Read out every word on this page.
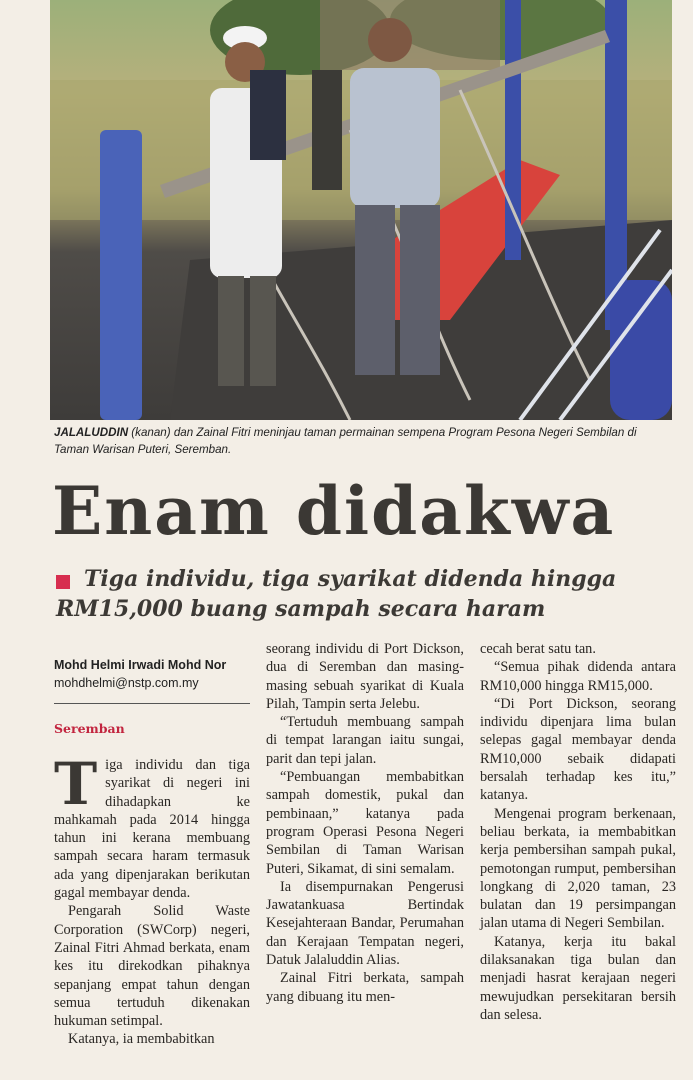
JALALUDDIN (kanan) dan Zainal Fitri meninjau taman permainan sempena Program Pesona Negeri Sembilan di Taman Warisan Puteri, Seremban.
Enam didakwa
Tiga individu, tiga syarikat didenda hingga RM15,000 buang sampah secara haram
Mohd Helmi Irwadi Mohd Nor
mohdhelmi@nstp.com.my
Seremban
T iga individu dan tiga syarikat di negeri ini dihadapkan ke mahkamah pada 2014 hingga tahun ini kerana membuang sampah secara haram termasuk ada yang dipenjarakan berikutan gagal membayar denda.

Pengarah Solid Waste Corporation (SWCorp) negeri, Zainal Fitri Ahmad berkata, enam kes itu direkodkan pihaknya sepanjang empat tahun dengan semua tertuduh dikenakan hukuman setimpal.

Katanya, ia membabitkan

seorang individu di Port Dickson, dua di Seremban dan masing-masing sebuah syarikat di Kuala Pilah, Tampin serta Jelebu.

“Tertuduh membuang sampah di tempat larangan iaitu sungai, parit dan tepi jalan.

“Pembuangan membabitkan sampah domestik, pukal dan pembinaan,” katanya pada program Operasi Pesona Negeri Sembilan di Taman Warisan Puteri, Sikamat, di sini semalam.

Ia disempurnakan Pengerusi Jawatankuasa Bertindak Kesejahteraan Bandar, Perumahan dan Kerajaan Tempatan negeri, Datuk Jalaluddin Alias.

Zainal Fitri berkata, sampah yang dibuang itu men-

cecah berat satu tan.

“Semua pihak didenda antara RM10,000 hingga RM15,000.

“Di Port Dickson, seorang individu dipenjara lima bulan selepas gagal membayar denda RM10,000 sebaik didapati bersalah terhadap kes itu,” katanya.

Mengenai program berkenaan, beliau berkata, ia membabitkan kerja pembersihan sampah pukal, pemotongan rumput, pembersihan longkang di 2,020 taman, 23 bulatan dan 19 persimpangan jalan utama di Negeri Sembilan.

Katanya, kerja itu bakal dilaksanakan tiga bulan dan menjadi hasrat kerajaan negeri mewujudkan persekitaran bersih dan selesa.
